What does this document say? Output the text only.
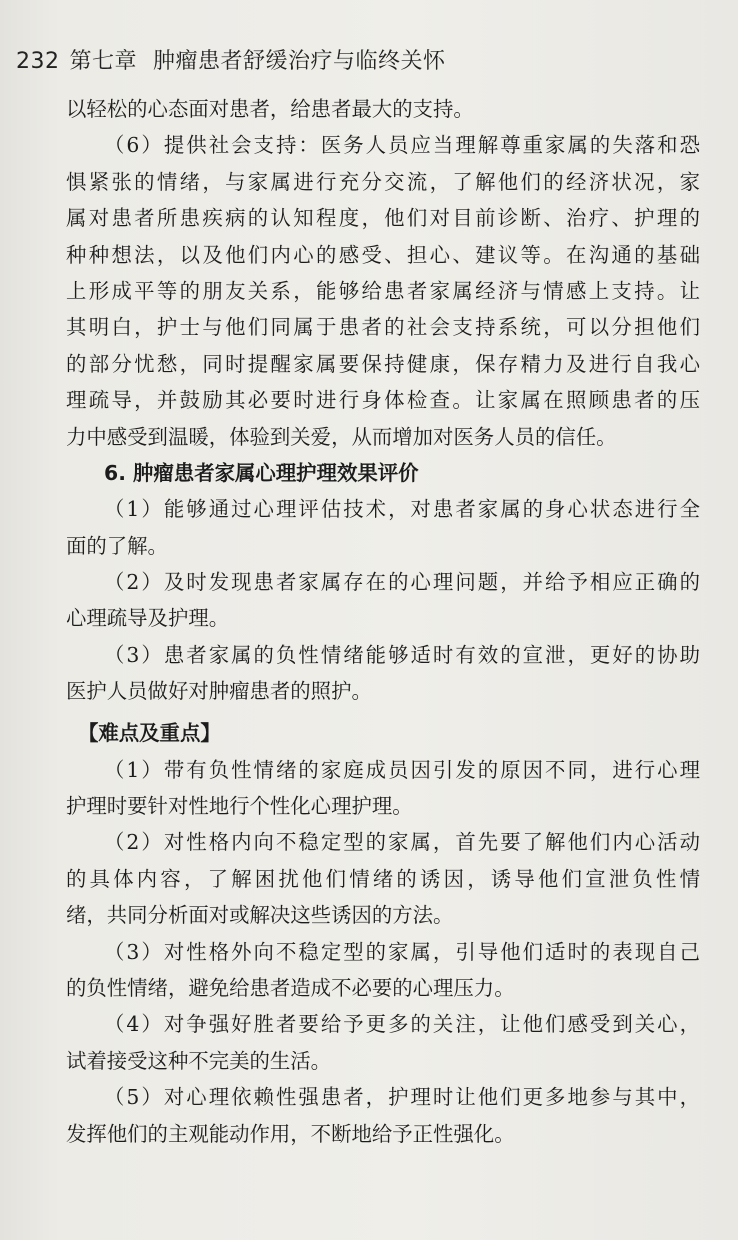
232 第七章 肿瘤患者舒缓治疗与临终关怀
以轻松的心态面对患者，给患者最大的支持。
（6）提供社会支持：医务人员应当理解尊重家属的失落和恐
惧紧张的情绪，与家属进行充分交流，了解他们的经济状况，家
属对患者所患疾病的认知程度，他们对目前诊断、治疗、护理的
种种想法，以及他们内心的感受、担心、建议等。在沟通的基础
上形成平等的朋友关系，能够给患者家属经济与情感上支持。让
其明白，护士与他们同属于患者的社会支持系统，可以分担他们
的部分忧愁，同时提醒家属要保持健康，保存精力及进行自我心
理疏导，并鼓励其必要时进行身体检查。让家属在照顾患者的压
力中感受到温暖，体验到关爱，从而增加对医务人员的信任。
6. 肿瘤患者家属心理护理效果评价
（1）能够通过心理评估技术，对患者家属的身心状态进行全
面的了解。
（2）及时发现患者家属存在的心理问题，并给予相应正确的
心理疏导及护理。
（3）患者家属的负性情绪能够适时有效的宣泄，更好的协助
医护人员做好对肿瘤患者的照护。
【难点及重点】
（1）带有负性情绪的家庭成员因引发的原因不同，进行心理
护理时要针对性地行个性化心理护理。
（2）对性格内向不稳定型的家属，首先要了解他们内心活动
的具体内容，了解困扰他们情绪的诱因，诱导他们宣泄负性情
绪，共同分析面对或解决这些诱因的方法。
（3）对性格外向不稳定型的家属，引导他们适时的表现自己
的负性情绪，避免给患者造成不必要的心理压力。
（4）对争强好胜者要给予更多的关注，让他们感受到关心，
试着接受这种不完美的生活。
（5）对心理依赖性强患者，护理时让他们更多地参与其中，
发挥他们的主观能动作用，不断地给予正性强化。
